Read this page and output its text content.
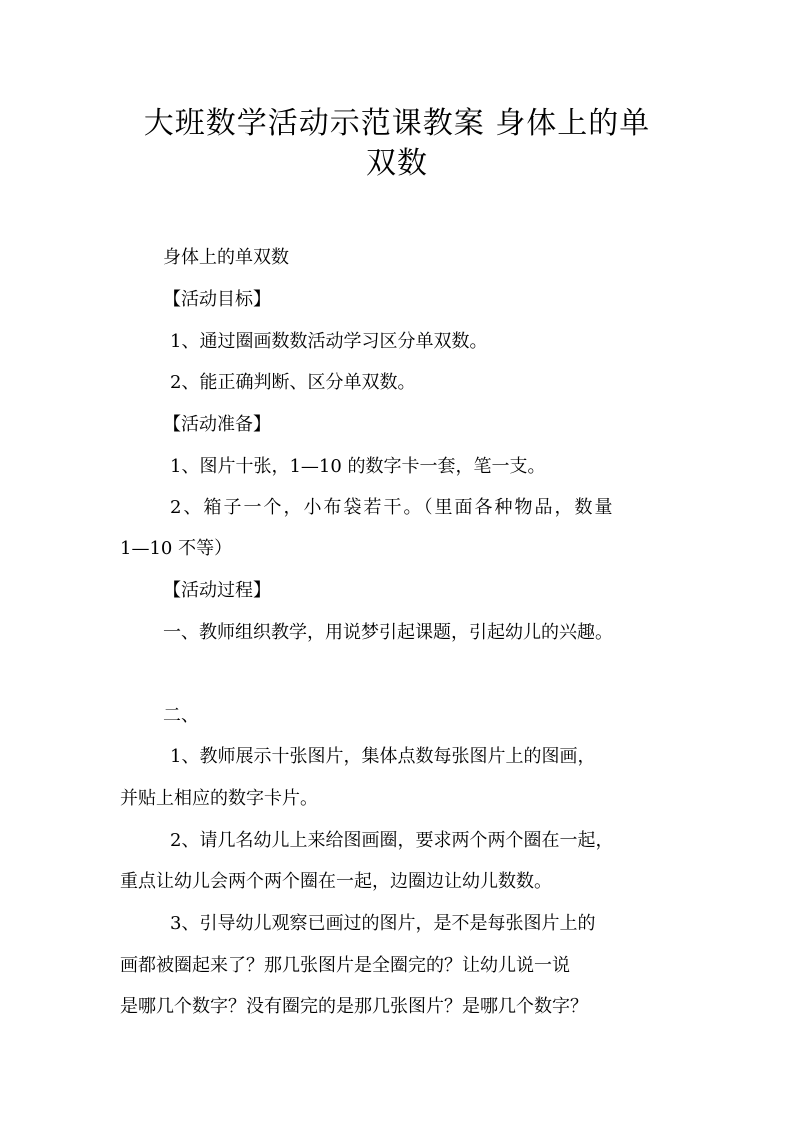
大班数学活动示范课教案 身体上的单
双数
身体上的单双数
【活动目标】
1、通过圈画数数活动学习区分单双数。
2、能正确判断、区分单双数。
【活动准备】
1、图片十张，1—10 的数字卡一套，笔一支。
2、箱子一个，小布袋若干。（里面各种物品，数量
1—10 不等）
【活动过程】
一、教师组织教学，用说梦引起课题，引起幼儿的兴趣。
二、
1、教师展示十张图片，集体点数每张图片上的图画，
并贴上相应的数字卡片。
2、请几名幼儿上来给图画圈，要求两个两个圈在一起，
重点让幼儿会两个两个圈在一起，边圈边让幼儿数数。
3、引导幼儿观察已画过的图片，是不是每张图片上的
画都被圈起来了？那几张图片是全圈完的？让幼儿说一说
是哪几个数字？没有圈完的是那几张图片？是哪几个数字？
